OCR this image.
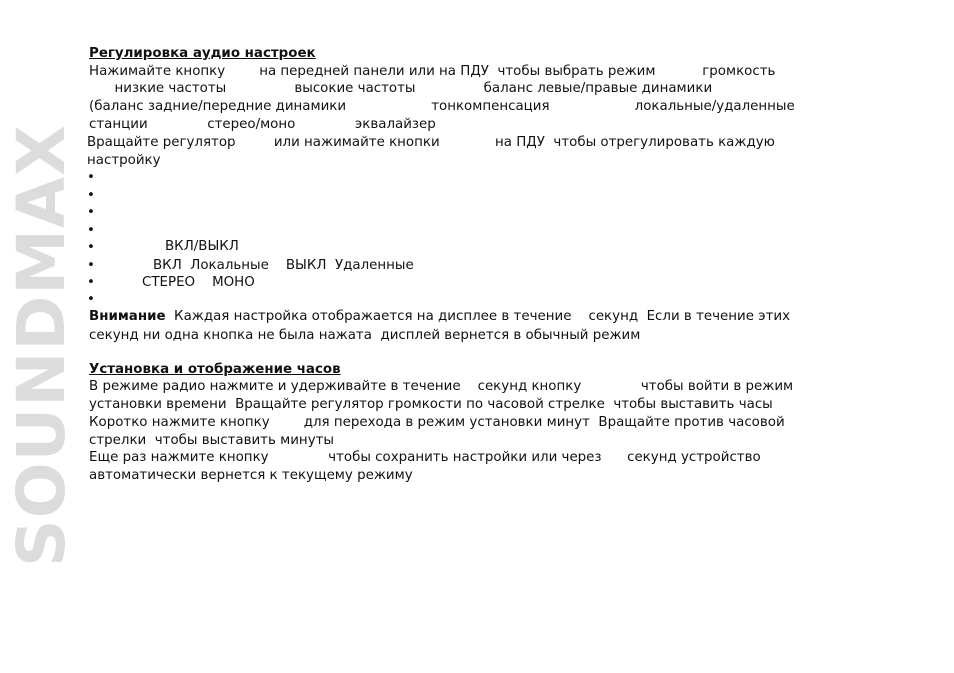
SOUNDMAX
Регулировка аудио настроек
Нажимайте кнопку        на передней панели или на ПДУ  чтобы выбрать режим           громкость
низкие частоты                высокие частоты                баланс левые/правые динамики
(баланс задние/передние динамики                    тонкомпенсация                    локальные/удаленные
станции              стерео/моно              эквалайзер
Вращайте регулятор         или нажимайте кнопки             на ПДУ  чтобы отрегулировать каждую
настройку
•
•
•
•
•	ВКЛ/ВЫКЛ
•	ВКЛ  Локальные    ВЫКЛ  Удаленные
•	СТЕРЕО    МОНО
•
Внимание  Каждая настройка отображается на дисплее в течение    секунд  Если в течение этих
секунд ни одна кнопка не была нажата  дисплей вернется в обычный режим
Установка и отображение часов
В режиме радио нажмите и удерживайте в течение    секунд кнопку              чтобы войти в режим
установки времени  Вращайте регулятор громкости по часовой стрелке  чтобы выставить часы
Коротко нажмите кнопку        для перехода в режим установки минут  Вращайте против часовой
стрелки  чтобы выставить минуты
Еще раз нажмите кнопку              чтобы сохранить настройки или через      секунд устройство
автоматически вернется к текущему режиму
